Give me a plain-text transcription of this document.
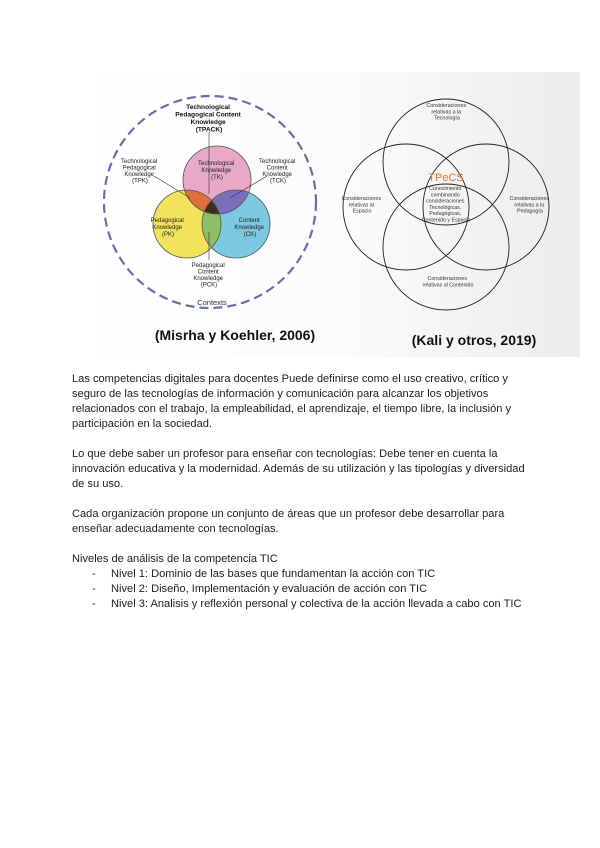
Technological Pedagogical Content Knowledge (TPACK)
Technological Knowledge (TK)
Pedagogical Knowledge (PK)
Content Knowledge (CK)
Technological Pedagogical Knowledge (TPK)
Technological Content Knowledge (TCK)
Pedagogical Content Knowledge (PCK)
Contexts
(Misrha y Koehler, 2006)
Consideraciones relativas a la Tecnología
Consideraciones relativas al Espacio
Consideraciones relativas a la Pedagogía
Consideraciones relativas al Contenido
TPeCS
Conocimiento combinando consideraciones Tecnológicas, Pedagógicas, Contenido y Espacio
(Kali y otros, 2019)

Las competencias digitales para docentes Puede definirse como el uso creativo, crítico y seguro de las tecnologías de información y comunicación para alcanzar los objetivos relacionados con el trabajo, la empleabilidad, el aprendizaje, el tiempo libre, la inclusión y participación en la sociedad.

Lo que debe saber un profesor para enseñar con tecnologías: Debe tener en cuenta la innovación educativa y la modernidad. Además de su utilización y las tipologías y diversidad de su uso.

Cada organización propone un conjunto de áreas que un profesor debe desarrollar para enseñar adecuadamente con tecnologías.

Niveles de análisis de la competencia TIC
- Nivel 1: Dominio de las bases que fundamentan la acción con TIC
- Nivel 2: Diseño, Implementación y evaluación de acción con TIC
- Nivel 3: Analisis y reflexión personal y colectiva de la acción llevada a cabo con TIC
